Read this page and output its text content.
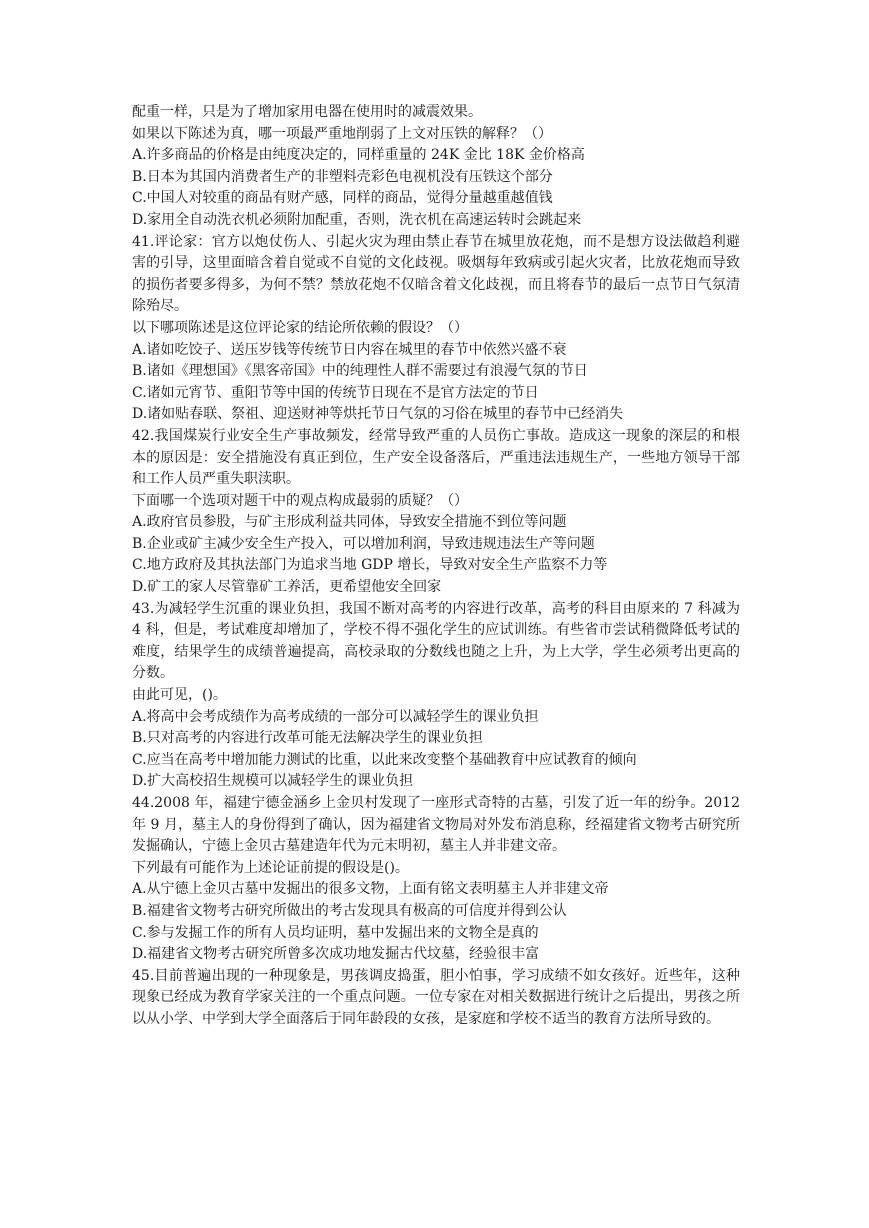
配重一样，只是为了增加家用电器在使用时的减震效果。
如果以下陈述为真，哪一项最严重地削弱了上文对压铁的解释？（）
A.许多商品的价格是由纯度决定的，同样重量的 24K 金比 18K 金价格高
B.日本为其国内消费者生产的非塑料壳彩色电视机没有压铁这个部分
C.中国人对较重的商品有财产感，同样的商品，觉得分量越重越值钱
D.家用全自动洗衣机必须附加配重，否则，洗衣机在高速运转时会跳起来
41.评论家：官方以炮仗伤人、引起火灾为理由禁止春节在城里放花炮，而不是想方设法做趋利避害的引导，这里面暗含着自觉或不自觉的文化歧视。吸烟每年致病或引起火灾者，比放花炮而导致的损伤者要多得多，为何不禁？禁放花炮不仅暗含着文化歧视，而且将春节的最后一点节日气氛清除殆尽。
以下哪项陈述是这位评论家的结论所依赖的假设？（）
A.诸如吃饺子、送压岁钱等传统节日内容在城里的春节中依然兴盛不衰
B.诸如《理想国》《黑客帝国》中的纯理性人群不需要过有浪漫气氛的节日
C.诸如元宵节、重阳节等中国的传统节日现在不是官方法定的节日
D.诸如贴春联、祭祖、迎送财神等烘托节日气氛的习俗在城里的春节中已经消失
42.我国煤炭行业安全生产事故频发，经常导致严重的人员伤亡事故。造成这一现象的深层的和根本的原因是：安全措施没有真正到位，生产安全设备落后，严重违法违规生产，一些地方领导干部和工作人员严重失职渎职。
下面哪一个选项对题干中的观点构成最弱的质疑？（）
A.政府官员参股，与矿主形成利益共同体，导致安全措施不到位等问题
B.企业或矿主减少安全生产投入，可以增加利润，导致违规违法生产等问题
C.地方政府及其执法部门为追求当地 GDP 增长，导致对安全生产监察不力等
D.矿工的家人尽管靠矿工养活，更希望他安全回家
43.为减轻学生沉重的课业负担，我国不断对高考的内容进行改革，高考的科目由原来的 7 科减为 4 科，但是，考试难度却增加了，学校不得不强化学生的应试训练。有些省市尝试稍微降低考试的难度，结果学生的成绩普遍提高，高校录取的分数线也随之上升，为上大学，学生必须考出更高的分数。
由此可见，()。
A.将高中会考成绩作为高考成绩的一部分可以减轻学生的课业负担
B.只对高考的内容进行改革可能无法解决学生的课业负担
C.应当在高考中增加能力测试的比重，以此来改变整个基础教育中应试教育的倾向
D.扩大高校招生规模可以减轻学生的课业负担
44.2008 年，福建宁德金涵乡上金贝村发现了一座形式奇特的古墓，引发了近一年的纷争。2012 年 9 月，墓主人的身份得到了确认，因为福建省文物局对外发布消息称，经福建省文物考古研究所发掘确认，宁德上金贝古墓建造年代为元末明初，墓主人并非建文帝。
下列最有可能作为上述论证前提的假设是()。
A.从宁德上金贝古墓中发掘出的很多文物，上面有铭文表明墓主人并非建文帝
B.福建省文物考古研究所做出的考古发现具有极高的可信度并得到公认
C.参与发掘工作的所有人员均证明，墓中发掘出来的文物全是真的
D.福建省文物考古研究所曾多次成功地发掘古代坟墓，经验很丰富
45.目前普遍出现的一种现象是，男孩调皮捣蛋，胆小怕事，学习成绩不如女孩好。近些年，这种现象已经成为教育学家关注的一个重点问题。一位专家在对相关数据进行统计之后提出，男孩之所以从小学、中学到大学全面落后于同年龄段的女孩，是家庭和学校不适当的教育方法所导致的。
